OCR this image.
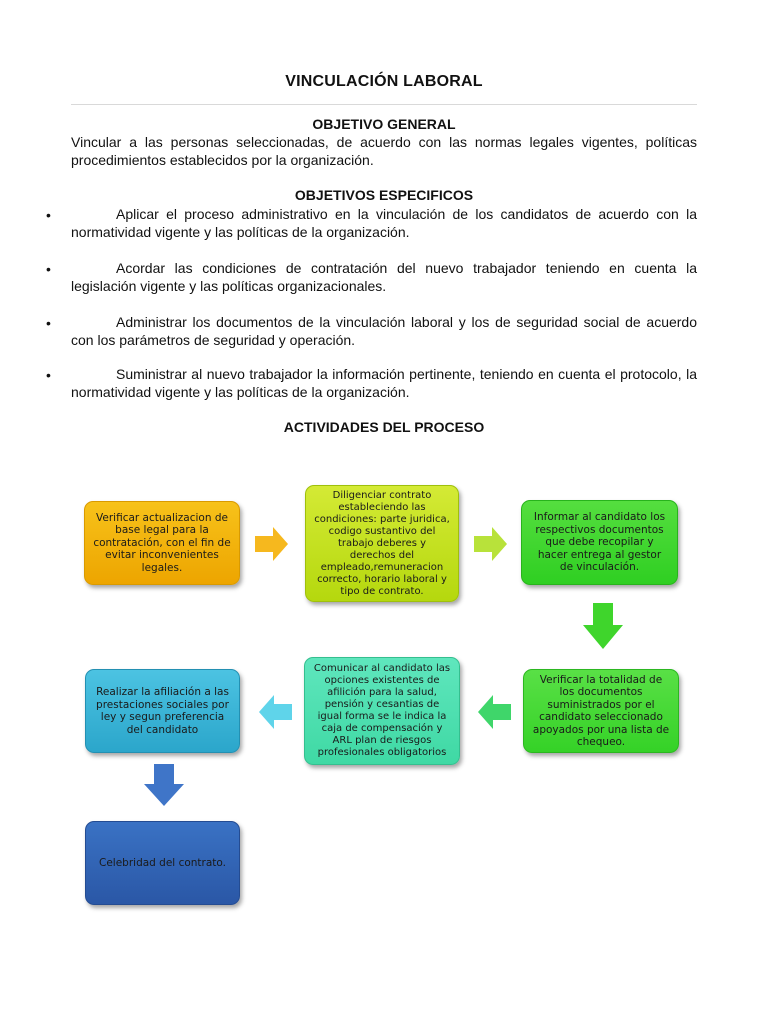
VINCULACIÓN LABORAL
OBJETIVO GENERAL
Vincular a las personas seleccionadas, de acuerdo con las normas legales vigentes, políticas procedimientos establecidos por la organización.
OBJETIVOS ESPECIFICOS
•	Aplicar el proceso administrativo en la vinculación de los candidatos de acuerdo con la normatividad vigente y las políticas de la organización.
•	Acordar las condiciones de contratación del nuevo trabajador teniendo en cuenta la legislación vigente y las políticas organizacionales.
•	Administrar los documentos de la vinculación laboral y los de seguridad social de acuerdo con los parámetros de seguridad y operación.
•	Suministrar al nuevo trabajador la información pertinente, teniendo en cuenta el protocolo, la normatividad vigente y las políticas de la organización.
ACTIVIDADES DEL PROCESO
Verificar actualizacion de base legal para la contratación, con el fin de evitar inconvenientes legales.
Diligenciar contrato estableciendo las condiciones: parte juridica, codigo sustantivo del trabajo deberes y derechos del empleado,remuneracion correcto, horario laboral y tipo de contrato.
Informar al candidato los respectivos documentos que debe recopilar y hacer entrega al gestor de vinculación.
Verificar la totalidad de los documentos suministrados por el candidato seleccionado apoyados por una lista de chequeo.
Comunicar al candidato las opciones existentes de afilición para la salud, pensión y cesantias de igual forma se le indica la caja de compensación y ARL plan de riesgos profesionales obligatorios
Realizar la afiliación a las prestaciones sociales por ley y segun preferencia del candidato
Celebridad del contrato.
